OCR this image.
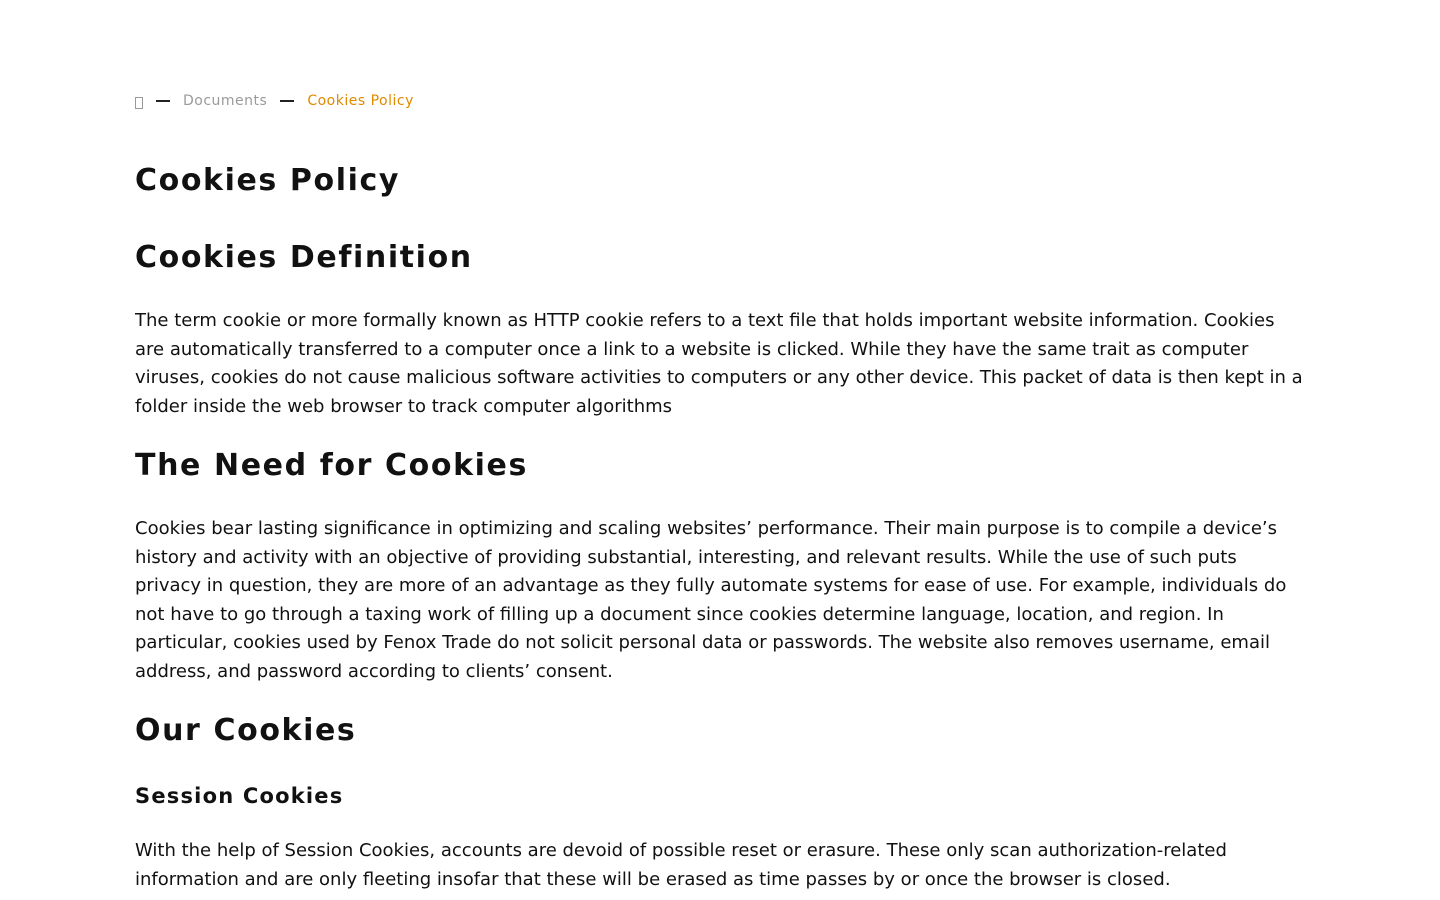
Documents	Cookies Policy
Cookies Policy
Cookies Definition

The term cookie or more formally known as HTTP cookie refers to a text file that holds important website information. Cookies are automatically transferred to a computer once a link to a website is clicked. While they have the same trait as computer viruses, cookies do not cause malicious software activities to computers or any other device. This packet of data is then kept in a folder inside the web browser to track computer algorithms

The Need for Cookies

Cookies bear lasting significance in optimizing and scaling websites’ performance. Their main purpose is to compile a device’s history and activity with an objective of providing substantial, interesting, and relevant results. While the use of such puts privacy in question, they are more of an advantage as they fully automate systems for ease of use. For example, individuals do not have to go through a taxing work of filling up a document since cookies determine language, location, and region. In particular, cookies used by Fenox Trade do not solicit personal data or passwords. The website also removes username, email address, and password according to clients’ consent.

Our Cookies
Session Cookies

With the help of Session Cookies, accounts are devoid of possible reset or erasure. These only scan authorization-related information and are only fleeting insofar that these will be erased as time passes by or once the browser is closed.
